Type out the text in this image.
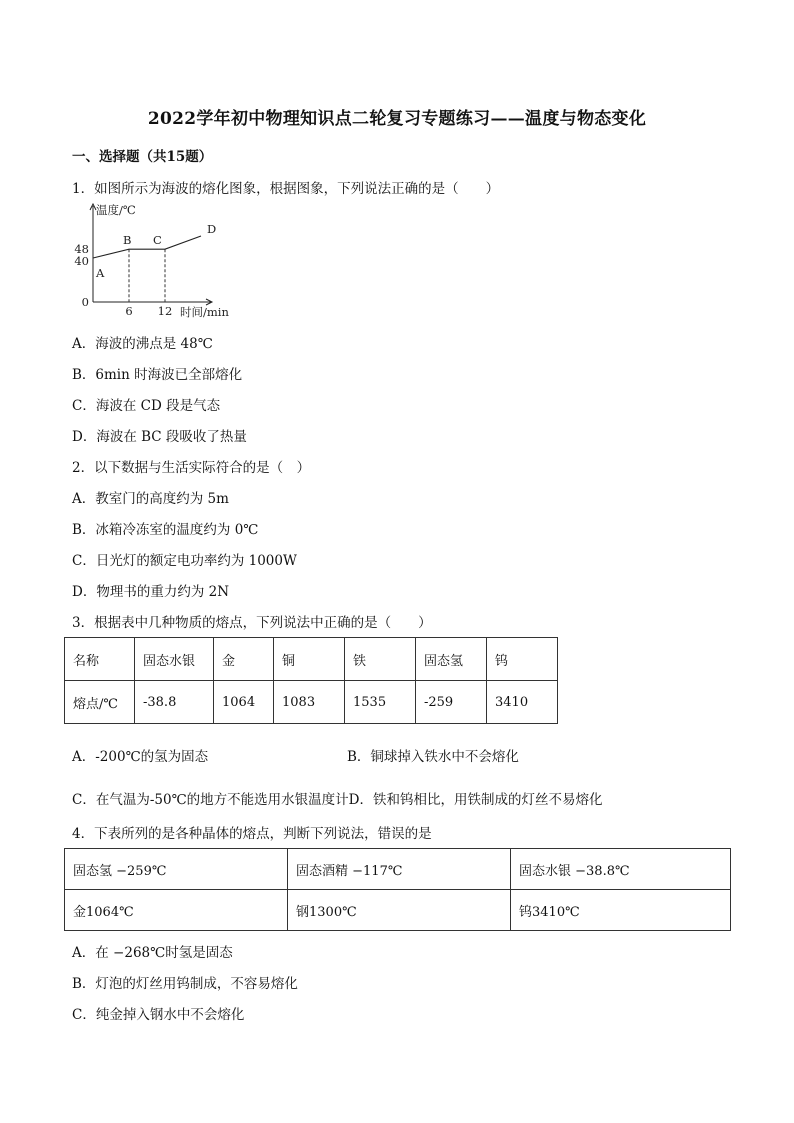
2022学年初中物理知识点二轮复习专题练习——温度与物态变化
一、选择题（共15题）
1．如图所示为海波的熔化图象，根据图象，下列说法正确的是（　　）
温度/℃
时间/min
48
40
0
6 12
A
B C
D
A．海波的沸点是 48℃
B．6min 时海波已全部熔化
C．海波在 CD 段是气态
D．海波在 BC 段吸收了热量
2．以下数据与生活实际符合的是（　）
A．教室门的高度约为 5m
B．冰箱冷冻室的温度约为 0℃
C．日光灯的额定电功率约为 1000W
D．物理书的重力约为 2N
3．根据表中几种物质的熔点，下列说法中正确的是（　　）
名称	固态水银	金	铜	铁	固态氢	钨
熔点/℃	-38.8	1064	1083	1535	-259	3410
A．-200℃的氢为固态	B．铜球掉入铁水中不会熔化
C．在气温为-50℃的地方不能选用水银温度计D．铁和钨相比，用铁制成的灯丝不易熔化
4．下表所列的是各种晶体的熔点，判断下列说法，错误的是
固态氢 −259℃	固态酒精 −117℃	固态水银 −38.8℃
金1064℃	钢1300℃	钨3410℃
A．在 −268℃时氢是固态
B．灯泡的灯丝用钨制成，不容易熔化
C．纯金掉入钢水中不会熔化
